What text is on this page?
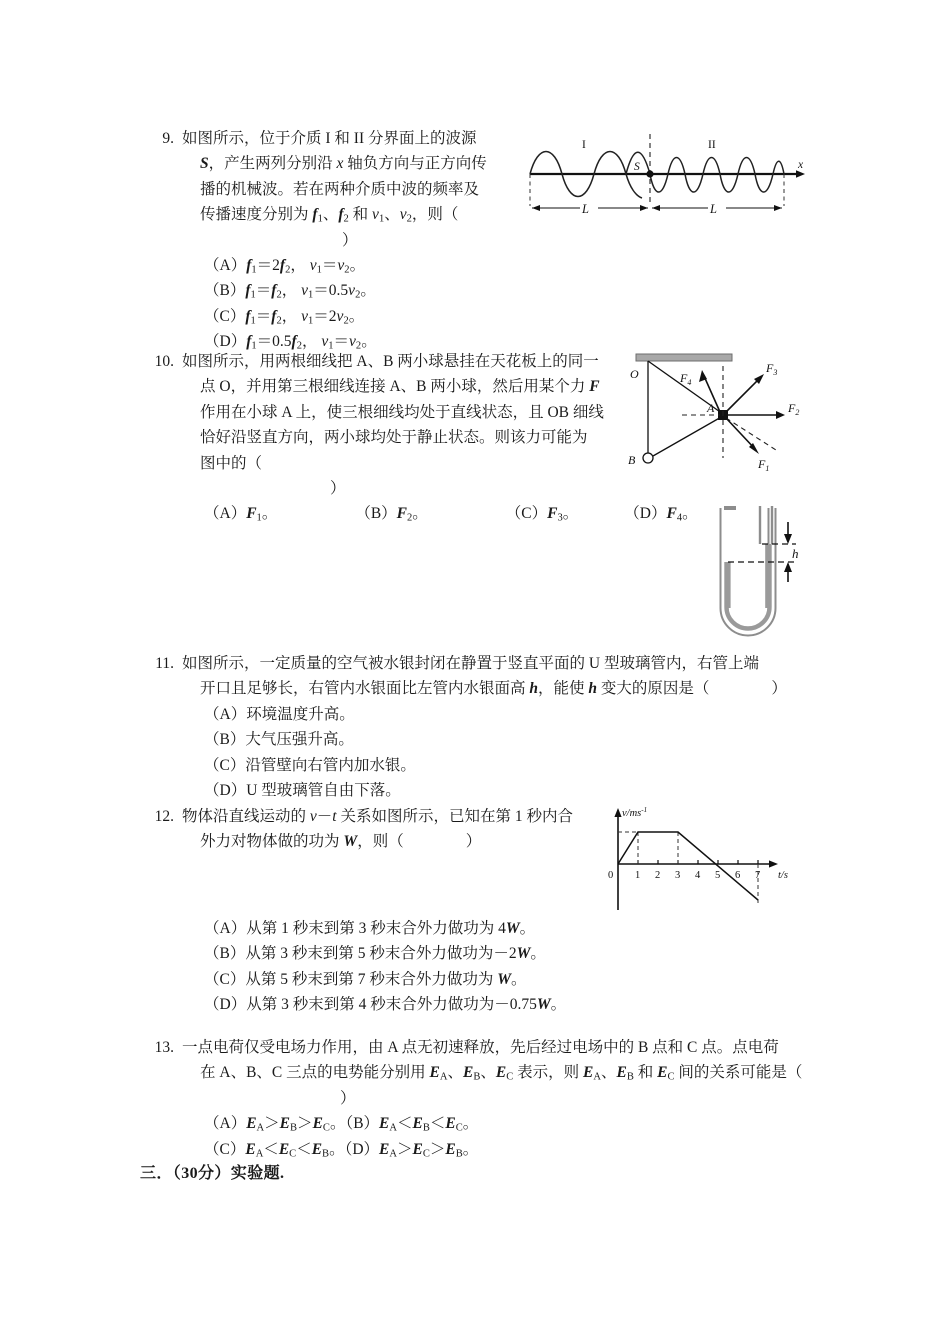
9. 如图所示，位于介质 I 和 II 分界面上的波源
S，产生两列分别沿 x 轴负方向与正方向传
播的机械波。若在两种介质中波的频率及
传播速度分别为 $f_1$、$f_2$ 和 $v_1$、$v_2$，则（
）
$(A)f_1=2f_2$， $v_1=v_2$。
$(B)f_1=f_2$， $v_1=0.5v_2$。
$(C)f_1=f_2$， $v_1=2v_2$。
$(D)f_1=0.5f_2$， $v_1=v_2$。
L	L
I	II
S	x
10. 如图所示，用两根细线把 A、B 两小球悬挂在天花板上的同一
点 O，并用第三根细线连接 A、B 两小球，然后用某个力 F
作用在小球 A 上，使三根细线均处于直线状态，且 OB 细线
恰好沿竖直方向，两小球均处于静止状态。则该力可能为
图中的（
）
$(A)F_1$。	$(B)F_2$。	$(C)F_3$。	$(D)F_4$。
O
B
A
$F_1$
$F_2$
$F_3$
$F_4$
h
11. 如图所示，一定质量的空气被水银封闭在静置于竖直平面的 U 型玻璃管内，右管上端
开口且足够长，右管内水银面比左管内水银面高 h，能使 h 变大的原因是（	）
（A）环境温度升高。
（B）大气压强升高。
（C）沿管壁向右管内加水银。
（D）U 型玻璃管自由下落。
12. 物体沿直线运动的 v－t 关系如图所示，已知在第 1 秒内合
外力对物体做的功为 W，则（	）
0 1 2 3 4 5 6 7
$v/ms^{-1}$
t/s
（A）从第 1 秒末到第 3 秒末合外力做功为 4W。
（B）从第 3 秒末到第 5 秒末合外力做功为－2W。
（C）从第 5 秒末到第 7 秒末合外力做功为 W。
（D）从第 3 秒末到第 4 秒末合外力做功为－0.75W。
13. 一点电荷仅受电场力作用，由 A 点无初速释放，先后经过电场中的 B 点和 C 点。点电荷
在 A、B、C 三点的电势能分别用 $E_A$、$E_B$、$E_C$ 表示，则 $E_A$、$E_B$ 和 $E_C$ 间的关系可能是（
）
$(A)E_A>E_B>E_C$。$(B)E_A<E_B<E_C$。
$(C)E_A<E_C<E_B$。$(D)E_A>E_C>E_B$。
三．（30分）实验题.
